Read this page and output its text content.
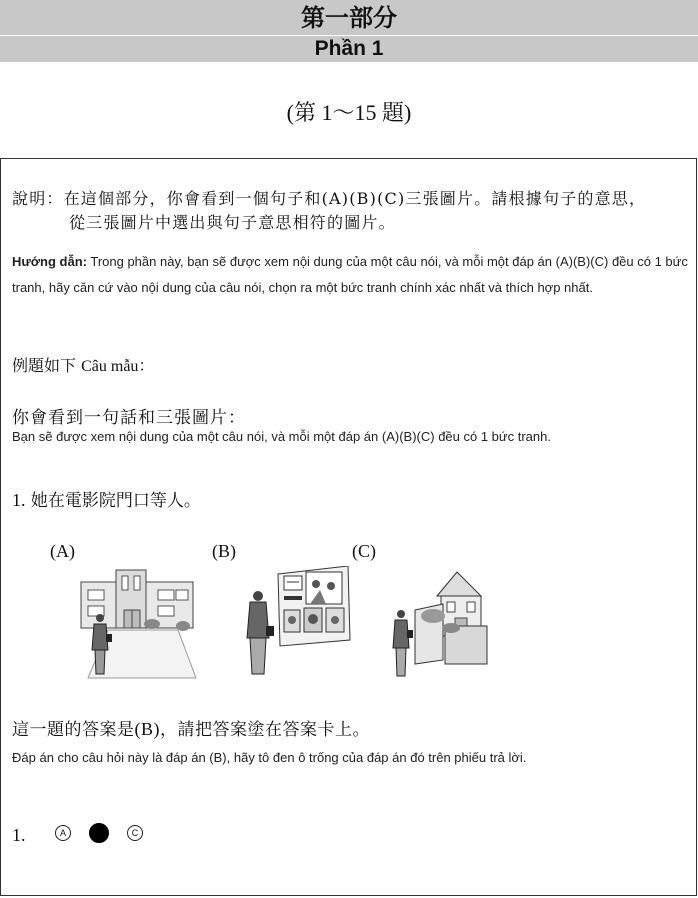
第一部分
Phần 1
(第 1～15 題)
說明：在這個部分，你會看到一個句子和(A)(B)(C)三張圖片。請根據句子的意思，
從三張圖片中選出與句子意思相符的圖片。
Hướng dẫn: Trong phần này, bạn sẽ được xem nội dung của một câu nói, và mỗi một đáp án (A)(B)(C) đều có 1 bức tranh, hãy căn cứ vào nội dung của câu nói, chọn ra một bức tranh chính xác nhất và thích hợp nhất.
例題如下 Câu mẫu：
你會看到一句話和三張圖片：
Bạn sẽ được xem nội dung của một câu nói, và mỗi một đáp án (A)(B)(C) đều có 1 bức tranh.
1. 她在電影院門口等人。
(A)	(B)	(C)
這一題的答案是(B)，請把答案塗在答案卡上。
Đáp án cho câu hỏi này là đáp án (B), hãy tô đen ô trống của đáp án đó trên phiếu trả lời.
1.	A	C
